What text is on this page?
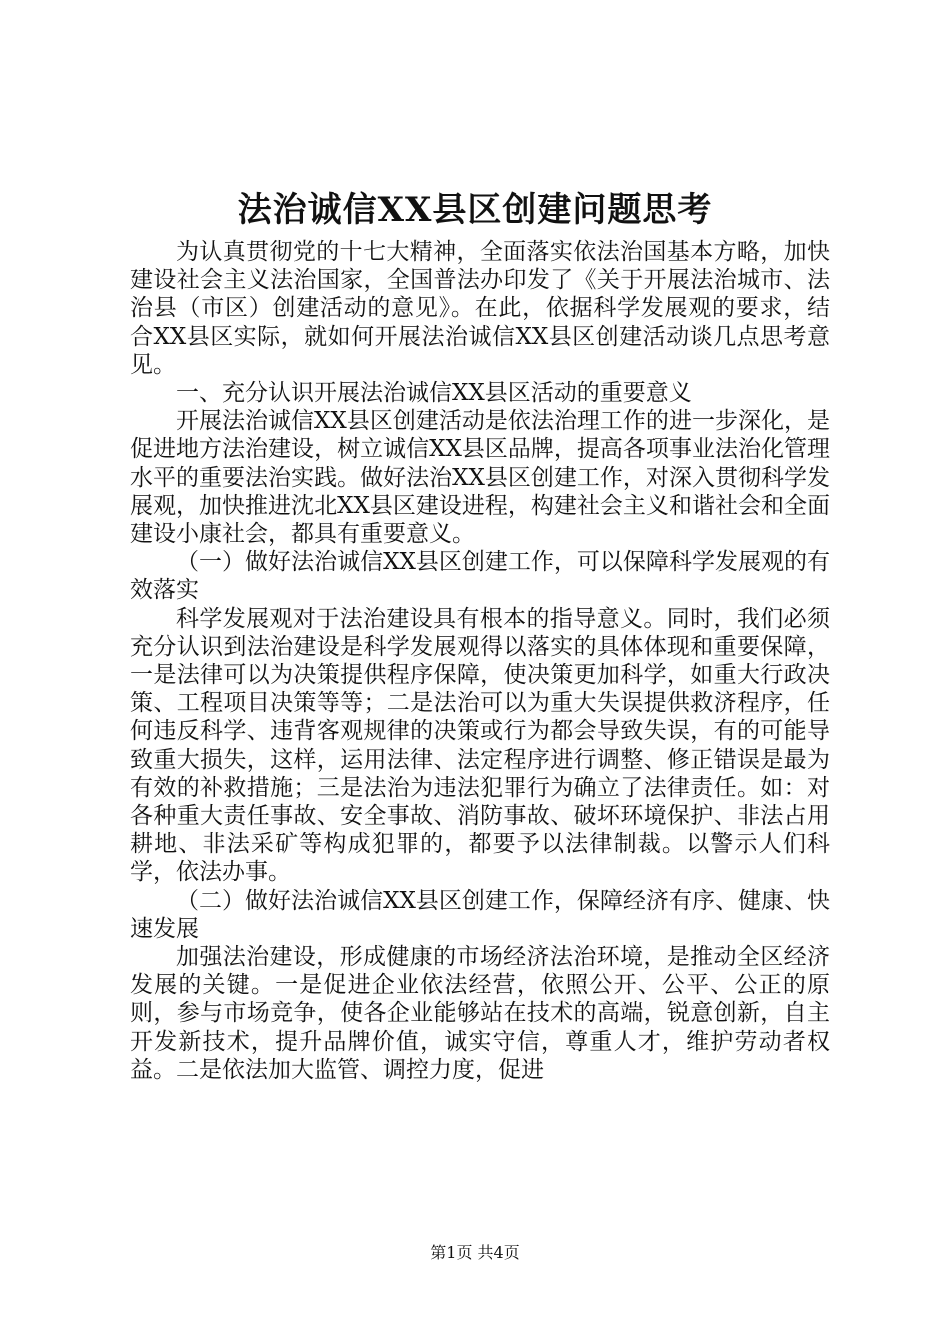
法治诚信XX县区创建问题思考

为认真贯彻党的十七大精神，全面落实依法治国基本方略，加快建设社会主义法治国家，全国普法办印发了《关于开展法治城市、法治县（市区）创建活动的意见》。在此，依据科学发展观的要求，结合XX县区实际，就如何开展法治诚信XX县区创建活动谈几点思考意见。

一、充分认识开展法治诚信XX县区活动的重要意义

开展法治诚信XX县区创建活动是依法治理工作的进一步深化，是促进地方法治建设，树立诚信XX县区品牌，提高各项事业法治化管理水平的重要法治实践。做好法治XX县区创建工作，对深入贯彻科学发展观，加快推进沈北XX县区建设进程，构建社会主义和谐社会和全面建设小康社会，都具有重要意义。

（一）做好法治诚信XX县区创建工作，可以保障科学发展观的有效落实

科学发展观对于法治建设具有根本的指导意义。同时，我们必须充分认识到法治建设是科学发展观得以落实的具体体现和重要保障，一是法律可以为决策提供程序保障，使决策更加科学，如重大行政决策、工程项目决策等等；二是法治可以为重大失误提供救济程序，任何违反科学、违背客观规律的决策或行为都会导致失误，有的可能导致重大损失，这样，运用法律、法定程序进行调整、修正错误是最为有效的补救措施；三是法治为违法犯罪行为确立了法律责任。如：对各种重大责任事故、安全事故、消防事故、破坏环境保护、非法占用耕地、非法采矿等构成犯罪的，都要予以法律制裁。以警示人们科学，依法办事。

（二）做好法治诚信XX县区创建工作，保障经济有序、健康、快速发展

加强法治建设，形成健康的市场经济法治环境，是推动全区经济发展的关键。一是促进企业依法经营，依照公开、公平、公正的原则，参与市场竞争，使各企业能够站在技术的高端，锐意创新，自主开发新技术，提升品牌价值，诚实守信，尊重人才，维护劳动者权益。二是依法加大监管、调控力度，促进

第1页 共4页
